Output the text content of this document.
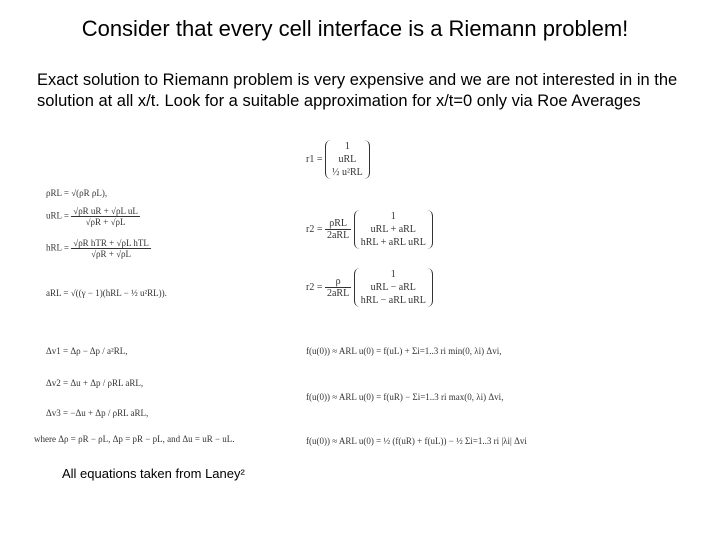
Consider that every cell interface is a Riemann problem!
Exact solution to Riemann problem is very expensive and we are not interested in in the solution at all x/t. Look for a suitable approximation for x/t=0 only via Roe Averages
r1 =
1
uRL
½ u²RL
$r2 = \frac{\text{ρRL}}{\text{2aRL}}$

1
uRL + aRL
hRL + aRL uRL
$r2 = \frac{\rho}{\text{2aRL}}$

1
uRL − aRL
hRL − aRL uRL
ρRL = √(ρR ρL),
uRL = $\frac{\text{√ρR uR + √ρL uL}}{√\rho R + √\rho L}$
hRL = $\frac{\text{√ρR hTR + √ρL hTL}}{√\rho R + √\rho L}$
aRL = √((γ − 1)(hRL − ½ u²RL)).
Δv1 = Δρ − Δp / a²RL,
Δv2 = Δu + Δp / ρRL aRL,
Δv3 = −Δu + Δp / ρRL aRL,
where Δρ = ρR − ρL, Δp = pR − pL, and Δu = uR − uL.
f(u(0)) ≈ ARL u(0) = f(uL) + Σi=1..3 ri min(0, λi) Δvi,
f(u(0)) ≈ ARL u(0) = f(uR) − Σi=1..3 ri max(0, λi) Δvi,
f(u(0)) ≈ ARL u(0) = ½ (f(uR) + f(uL)) − ½ Σi=1..3 ri |λi| Δvi
All equations taken from Laney²
